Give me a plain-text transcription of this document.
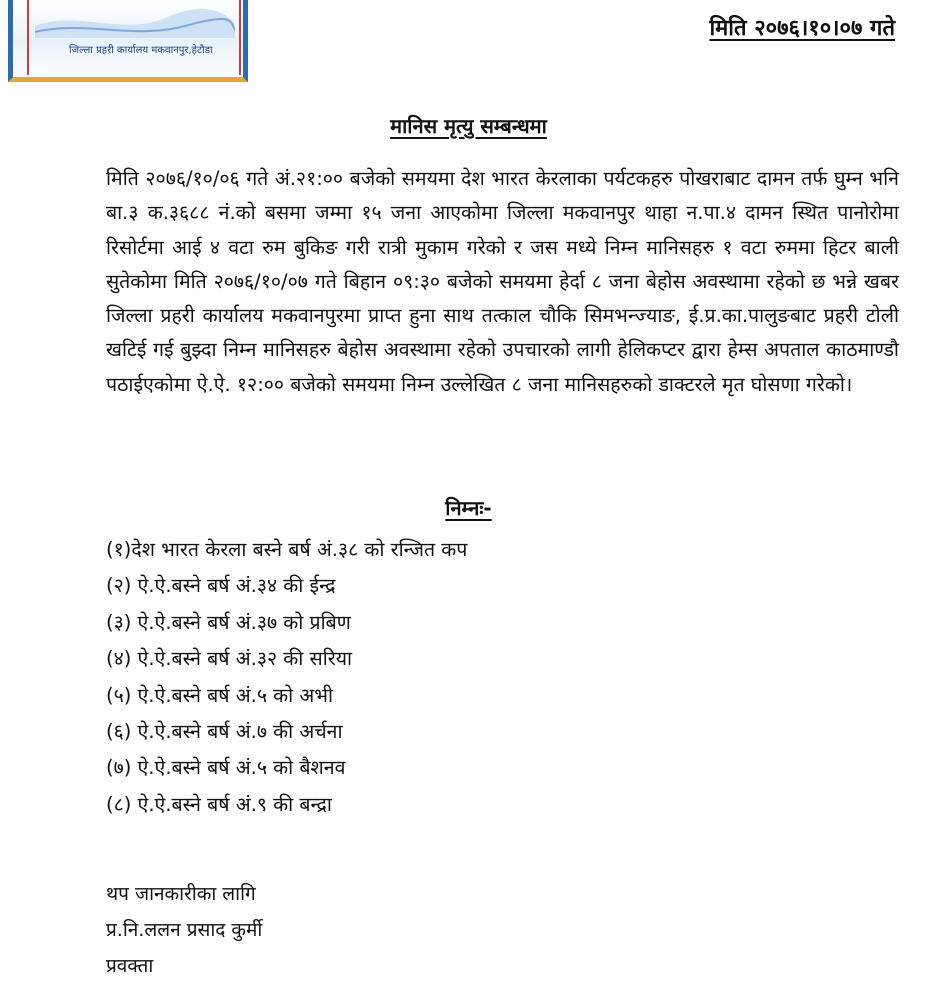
जिल्ला प्रहरी कार्यालय मकवानपुर,हेटौडा
मिति २०७६।१०।०७ गते
मानिस मृत्यु सम्बन्धमा

मिति २०७६/१०/०६ गते अं.२१:०० बजेको समयमा देश भारत केरलाका पर्यटकहरु पोखराबाट दामन तर्फ घुम्न भनि बा.३ क.३६८८ नं.को बसमा जम्मा १५ जना आएकोमा जिल्ला मकवानपुर थाहा न.पा.४ दामन स्थित पानोरोमा रिसोर्टमा आई ४ वटा रुम बुकिङ गरी रात्री मुकाम गरेको र जस मध्ये निम्न मानिसहरु १ वटा रुममा हिटर बाली सुतेकोमा मिति २०७६/१०/०७ गते बिहान ०९:३० बजेको समयमा हेर्दा ८ जना बेहोस अवस्थामा रहेको छ भन्ने खबर जिल्ला प्रहरी कार्यालय मकवानपुरमा प्राप्त हुना साथ तत्काल चौकि सिमभन्ज्याङ, ई.प्र.का.पालुङबाट प्रहरी टोली खटिई गई बुझ्दा निम्न मानिसहरु बेहोस अवस्थामा रहेको उपचारको लागी हेलिकप्टर द्वारा हेम्स अपताल काठमाण्डौ पठाईएकोमा ऐ.ऐ. १२:०० बजेको समयमा निम्न उल्लेखित ८ जना मानिसहरुको डाक्टरले मृत घोसणा गरेको।

निम्नः-
(१)देश भारत केरला बस्ने बर्ष अं.३८ को रन्जित कप
(२) ऐ.ऐ.बस्ने बर्ष अं.३४ की ईन्द्र
(३) ऐ.ऐ.बस्ने बर्ष अं.३७ को प्रबिण
(४) ऐ.ऐ.बस्ने बर्ष अं.३२ की सरिया
(५) ऐ.ऐ.बस्ने बर्ष अं.५ को अभी
(६) ऐ.ऐ.बस्ने बर्ष अं.७ की अर्चना
(७) ऐ.ऐ.बस्ने बर्ष अं.५ को बैशनव
(८) ऐ.ऐ.बस्ने बर्ष अं.९ की बन्द्रा
थप जानकारीका लागि
प्र.नि.ललन प्रसाद कुर्मी
प्रवक्ता
